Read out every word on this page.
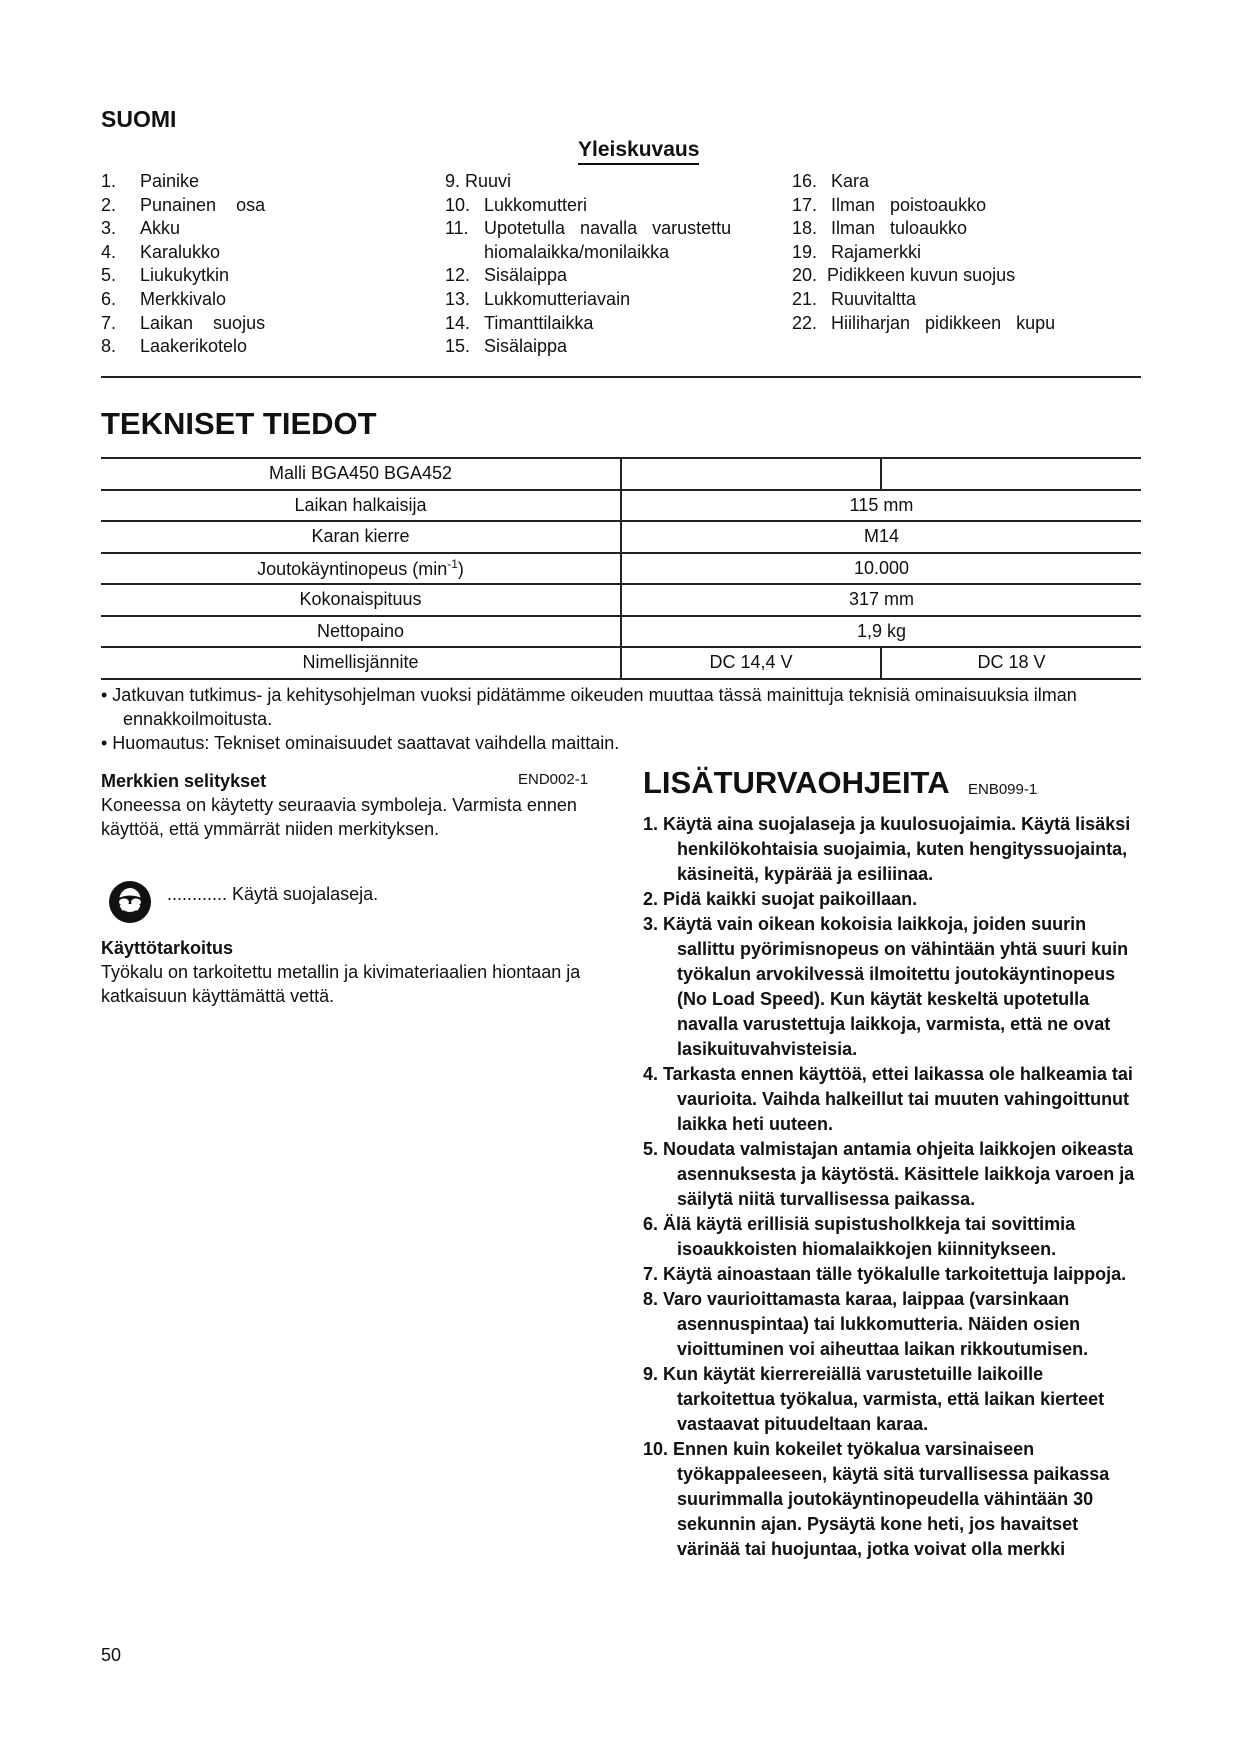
SUOMI
Yleiskuvaus
1. Painike
2. Punainen    osa
3. Akku
4. Karalukko
5. Liukukytkin
6. Merkkivalo
7. Laikan    suojus
8. Laakerikotelo
9. Ruuvi
10. Lukkomutteri
11. Upotetulla   navalla   varustettu
hiomalaikka/monilaikka
12. Sisälaippa
13. Lukkomutteriavain
14. Timanttilaikka
15. Sisälaippa
16. Kara
17. Ilman   poistoaukko
18. Ilman   tuloaukko
19. Rajamerkki
20. Pidikkeen kuvun suojus
21. Ruuvitaltta
22. Hiiliharjan   pidikkeen   kupu
TEKNISET TIEDOT
Malli BGA450 BGA452		
Laikan halkaisija	115 mm	
Karan kierre	M14	
Joutokäyntinopeus $(\min^{-1})$	10.000	
Kokonaispituus	317 mm	
Nettopaino	1,9 kg	
Nimellisjännite	DC 14,4 V	DC 18 V
• Jatkuvan tutkimus- ja kehitysohjelman vuoksi pidätämme oikeuden muuttaa tässä mainittuja teknisiä ominaisuuksia ilman ennakkoilmoitusta.
• Huomautus: Tekniset ominaisuudet saattavat vaihdella maittain.
Merkkien selitykset	END002-1
Koneessa on käytetty seuraavia symboleja. Varmista ennen käyttöä, että ymmärrät niiden merkityksen.
............ Käytä suojalaseja.
Käyttötarkoitus
Työkalu on tarkoitettu metallin ja kivimateriaalien hiontaan ja katkaisuun käyttämättä vettä.
LISÄTURVAOHJEITA ENB099-1
1. Käytä aina suojalaseja ja kuulosuojaimia. Käytä lisäksi henkilökohtaisia suojaimia, kuten hengityssuojainta, käsineitä, kypärää ja esiliinaa.
2. Pidä kaikki suojat paikoillaan.
3. Käytä vain oikean kokoisia laikkoja, joiden suurin sallittu pyörimisnopeus on vähintään yhtä suuri kuin työkalun arvokilvessä ilmoitettu joutokäyntinopeus (No Load Speed). Kun käytät keskeltä upotetulla navalla varustettuja laikkoja, varmista, että ne ovat lasikuituvahvisteisia.
4. Tarkasta ennen käyttöä, ettei laikassa ole halkeamia tai vaurioita. Vaihda halkeillut tai muuten vahingoittunut laikka heti uuteen.
5. Noudata valmistajan antamia ohjeita laikkojen oikeasta asennuksesta ja käytöstä. Käsittele laikkoja varoen ja säilytä niitä turvallisessa paikassa.
6. Älä käytä erillisiä supistusholkkeja tai sovittimia isoaukkoisten hiomalaikkojen kiinnitykseen.
7. Käytä ainoastaan tälle työkalulle tarkoitettuja laippoja.
8. Varo vaurioittamasta karaa, laippaa (varsinkaan asennuspintaa) tai lukkomutteria. Näiden osien vioittuminen voi aiheuttaa laikan rikkoutumisen.
9. Kun käytät kierrereiällä varustetuille laikoille tarkoitettua työkalua, varmista, että laikan kierteet vastaavat pituudeltaan karaa.
10. Ennen kuin kokeilet työkalua varsinaiseen työkappaleeseen, käytä sitä turvallisessa paikassa suurimmalla joutokäyntinopeudella vähintään 30 sekunnin ajan. Pysäytä kone heti, jos havaitset värinää tai huojuntaa, jotka voivat olla merkki
50
